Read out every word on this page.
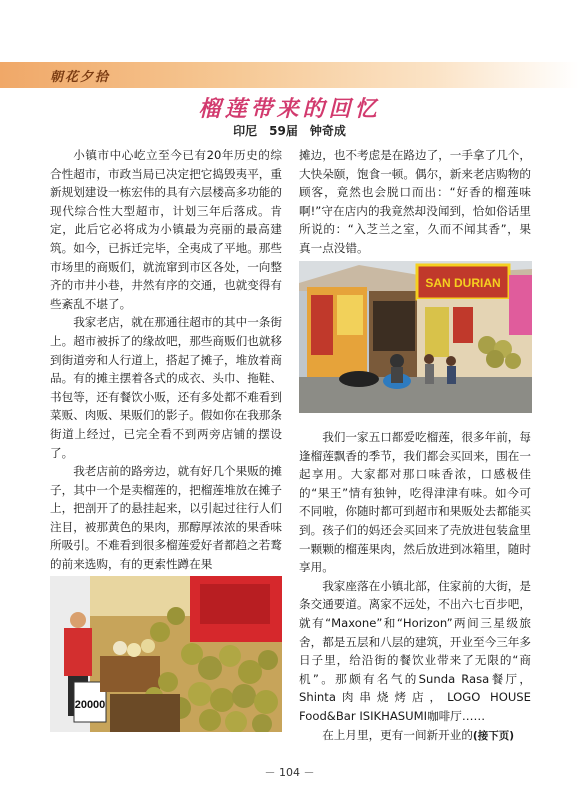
朝花夕拾
榴莲带来的回忆
印尼　59届　钟奇成

小镇市中心屹立至今已有20年历史的综合性超市，市政当局已决定把它捣毁夷平，重新规划建设一栋宏伟的具有六层楼高多功能的现代综合性大型超市，计划三年后落成。肯定，此后它必将成为小镇最为亮丽的最高建筑。如今，已拆迁完毕，全夷成了平地。那些市场里的商贩们，就流窜到市区各处，一向整齐的市井小巷，井然有序的交通，也就变得有些紊乱不堪了。

我家老店，就在那通往超市的其中一条街上。超市被拆了的缘故吧，那些商贩们也就移到街道旁和人行道上，搭起了摊子，堆放着商品。有的摊主摆着各式的成衣、头巾、拖鞋、书包等，还有餐饮小贩，还有多处都不难看到菜贩、肉贩、果贩们的影子。假如你在我那条街道上经过，已完全看不到两旁店铺的摆设了。

我老店前的路旁边，就有好几个果贩的摊子，其中一个是卖榴莲的，把榴莲堆放在摊子上，把剖开了的悬挂起来，以引起过往行人们注目，被那黄色的果肉，那醇厚浓浓的果香味所吸引。不难看到很多榴莲爱好者都趋之若鹜的前来选购，有的更索性蹲在果

摊边，也不考虑是在路边了，一手拿了几个，大快朵颐，饱食一顿。偶尔，新来老店购物的顾客，竟然也会脱口而出：“好香的榴莲味啊!”守在店内的我竟然却没闻到，恰如俗话里所说的：“入芝兰之室，久而不闻其香”，果真一点没错。

SAN DURIAN

我们一家五口都爱吃榴莲，很多年前，每逢榴莲飘香的季节，我们都会买回来，围在一起享用。大家都对那口味香浓，口感极佳的“果王”情有独钟，吃得津津有味。如今可不同啦，你随时都可到超市和果贩处去都能买到。孩子们的妈还会买回来了壳放进包装盒里一颗颗的榴莲果肉，然后放进到冰箱里，随时享用。

我家座落在小镇北部，住家前的大街，是条交通要道。离家不远处，不出六七百步吧，就有“Maxone”和“Horizon”两间三星级旅舍，都是五层和八层的建筑，开业至今三年多日子里，给沿街的餐饮业带来了无限的“商机”。那颇有名气的Sunda Rasa餐厅，Shinta肉串烧烤店，LOGO HOUSE Food&Bar ISIKHASUMI咖啡厅……

在上月里，更有一间新开业的(接下页)

20000
－ 104 －
